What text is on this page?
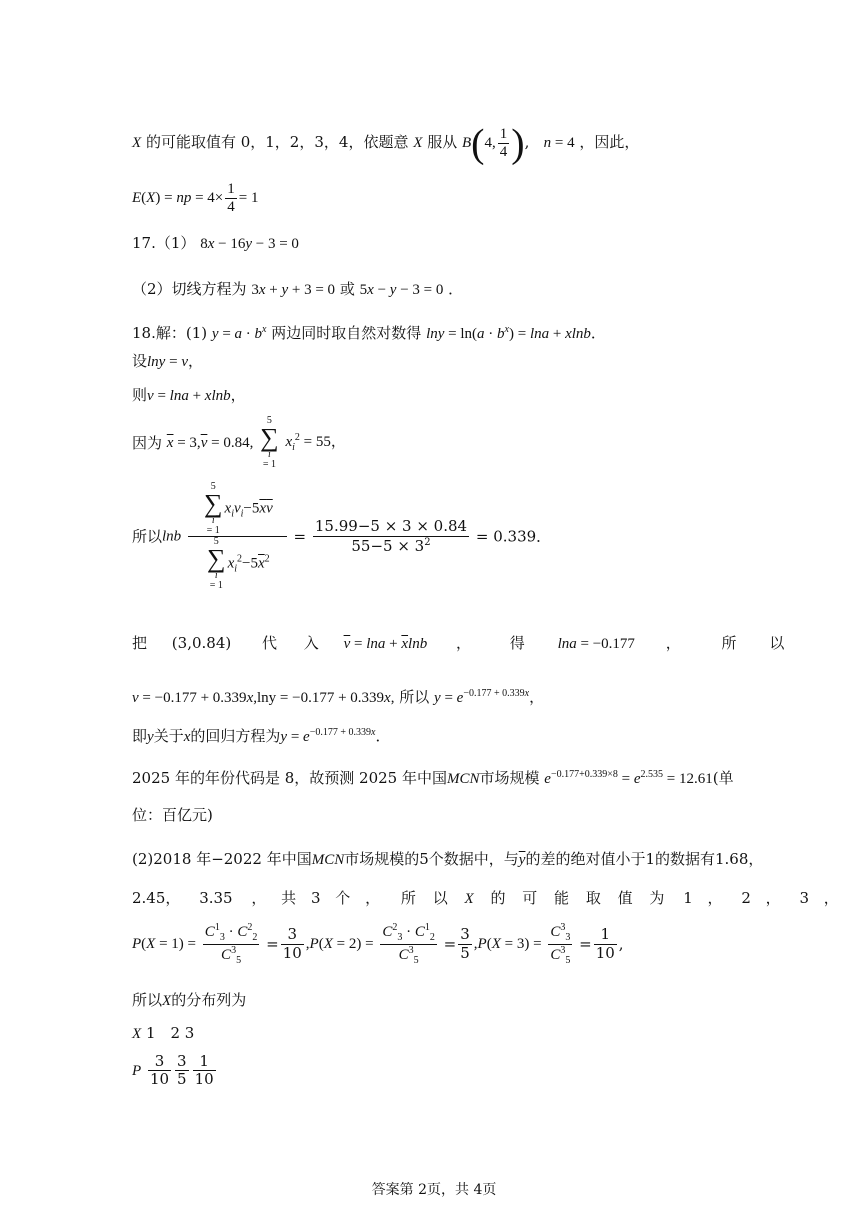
X 的可能取值有 0，1，2，3，4，依题意 X 服从 B(4, $\frac{1}{4}$ ),   n = 4 ，因此，
E(X) = np = $4\times \frac{1}{4} = 1$
17.（1） 8x − 16y − 3 = 0
（2）切线方程为 3x + y + 3 = 0 或 5x − y − 3 = 0 ．
18.解：(1) $y = a \cdot b^x$ 两边同时取自然对数得 $\ln y = \ln(a \cdot b^x) = \ln a + xlnb$．
设lny = v，
则v = lna + xlnb，
因为 $\overline{x} = 3,\overline{v} = 0.84$,
5
∑
i
= 1
$x_i^2 = 55$，
所以lnb 5
∑
i
= 1
$x_iv_i-5\overline{x}\overline{v}$
5
∑
i
= 1
$x_i^2-5\overline{x}^2 = \frac{15.99-5 \times 3 \times 0.84}{55-5 \times 3^2} = 0.339$．
把 (3,0.84) 代 入 $\overline{v} = \ln a + \overline{x}\ln b$ ，	得 lna = −0.177 ，	所 以
v = −0.177 + 0.339x,lny = −0.177 + 0.339x, 所以 $y = e^{-0.177 + 0.339x}$，
即y关于x的回归方程为$y = e^{-0.177 + 0.339x}$．
2025 年的年份代码是 8，故预测 2025 年中国MCN市场规模 $e^{-0.177+0.339\times 8} = e^{2.535} = 12.61$(单
位：百亿元)
(2)2018 年−2022 年中国MCN市场规模的5个数据中，与$\overline{y}$的差的绝对值小于1的数据有1.68，
2.45， 3.35 ， 共 3 个 ， 所 以 X 的 可 能 取 值 为 1 ， 2 ， 3 ，
$P(X = 1) = \frac{C^1_3 \cdot C^2_2}{C^3_5} = \frac{3}{10} ,P(X = 2) = \frac{C^2_3 \cdot C^1_2}{C^3_5} = \frac{3}{5} ,P(X = 3) = \frac{C^3_3}{C^3_5} = \frac{1}{10}$ ,
所以X的分布列为
X 1　2 3
P $\frac{3}{10} \frac{3}{5} \frac{1}{10}$
答案第 2页，共 4页
